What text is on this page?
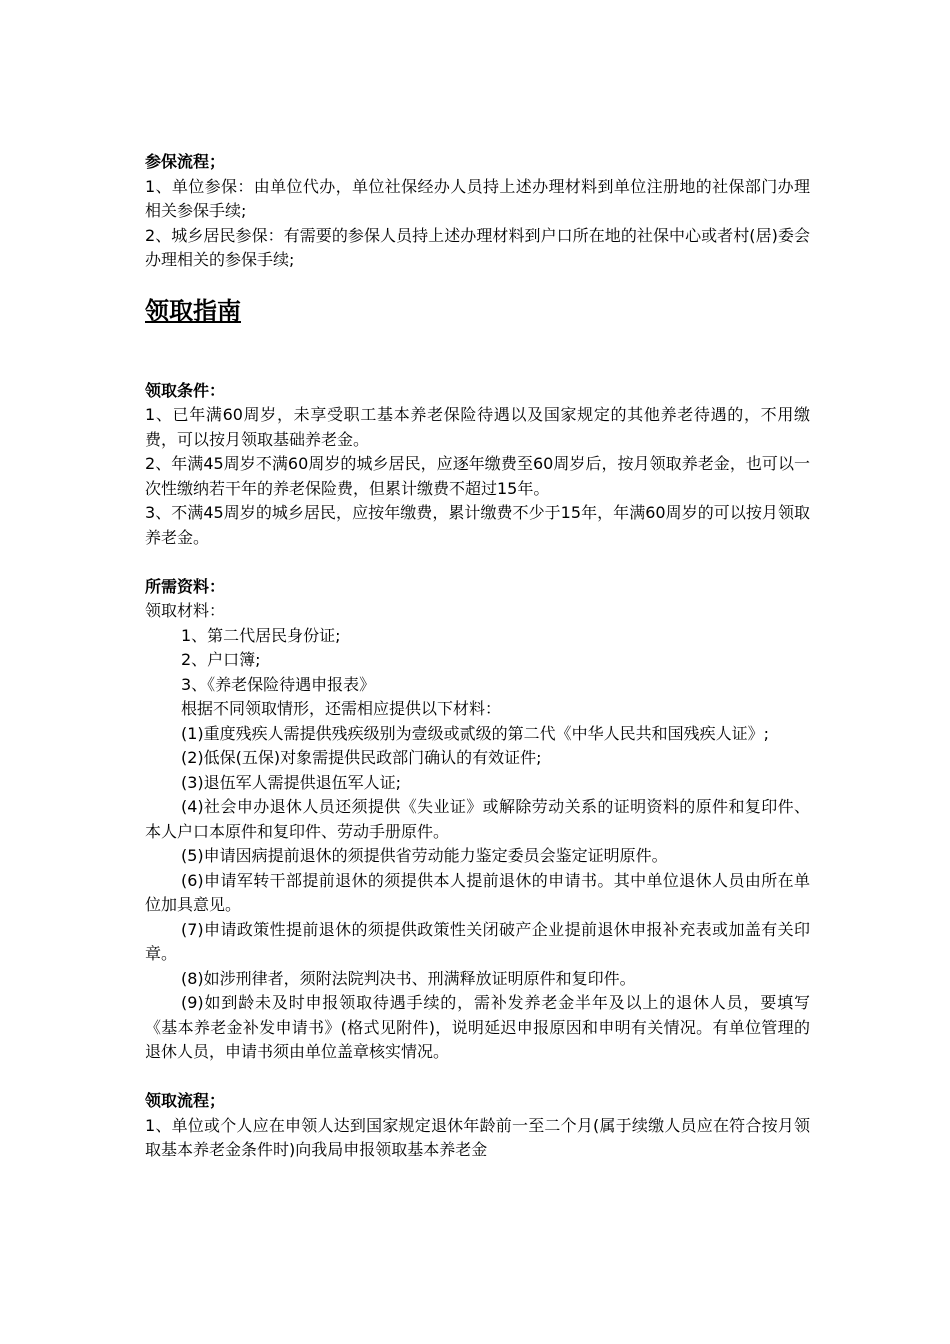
参保流程；

1、单位参保：由单位代办，单位社保经办人员持上述办理材料到单位注册地的社保部门办理相关参保手续;

2、城乡居民参保：有需要的参保人员持上述办理材料到户口所在地的社保中心或者村(居)委会办理相关的参保手续;

领取指南

领取条件：

1、已年满60周岁，未享受职工基本养老保险待遇以及国家规定的其他养老待遇的，不用缴费，可以按月领取基础养老金。

2、年满45周岁不满60周岁的城乡居民，应逐年缴费至60周岁后，按月领取养老金，也可以一次性缴纳若干年的养老保险费，但累计缴费不超过15年。

3、不满45周岁的城乡居民，应按年缴费，累计缴费不少于15年，年满60周岁的可以按月领取养老金。

所需资料：

领取材料：

1、第二代居民身份证;

2、户口簿;

3、《养老保险待遇申报表》

根据不同领取情形，还需相应提供以下材料：

(1)重度残疾人需提供残疾级别为壹级或贰级的第二代《中华人民共和国残疾人证》;

(2)低保(五保)对象需提供民政部门确认的有效证件;

(3)退伍军人需提供退伍军人证;

(4)社会申办退休人员还须提供《失业证》或解除劳动关系的证明资料的原件和复印件、本人户口本原件和复印件、劳动手册原件。

(5)申请因病提前退休的须提供省劳动能力鉴定委员会鉴定证明原件。

(6)申请军转干部提前退休的须提供本人提前退休的申请书。其中单位退休人员由所在单位加具意见。

(7)申请政策性提前退休的须提供政策性关闭破产企业提前退休申报补充表或加盖有关印章。

(8)如涉刑律者，须附法院判决书、刑满释放证明原件和复印件。

(9)如到龄未及时申报领取待遇手续的，需补发养老金半年及以上的退休人员，要填写《基本养老金补发申请书》(格式见附件)，说明延迟申报原因和申明有关情况。有单位管理的退休人员，申请书须由单位盖章核实情况。

领取流程；

1、单位或个人应在申领人达到国家规定退休年龄前一至二个月(属于续缴人员应在符合按月领取基本养老金条件时)向我局申报领取基本养老金
